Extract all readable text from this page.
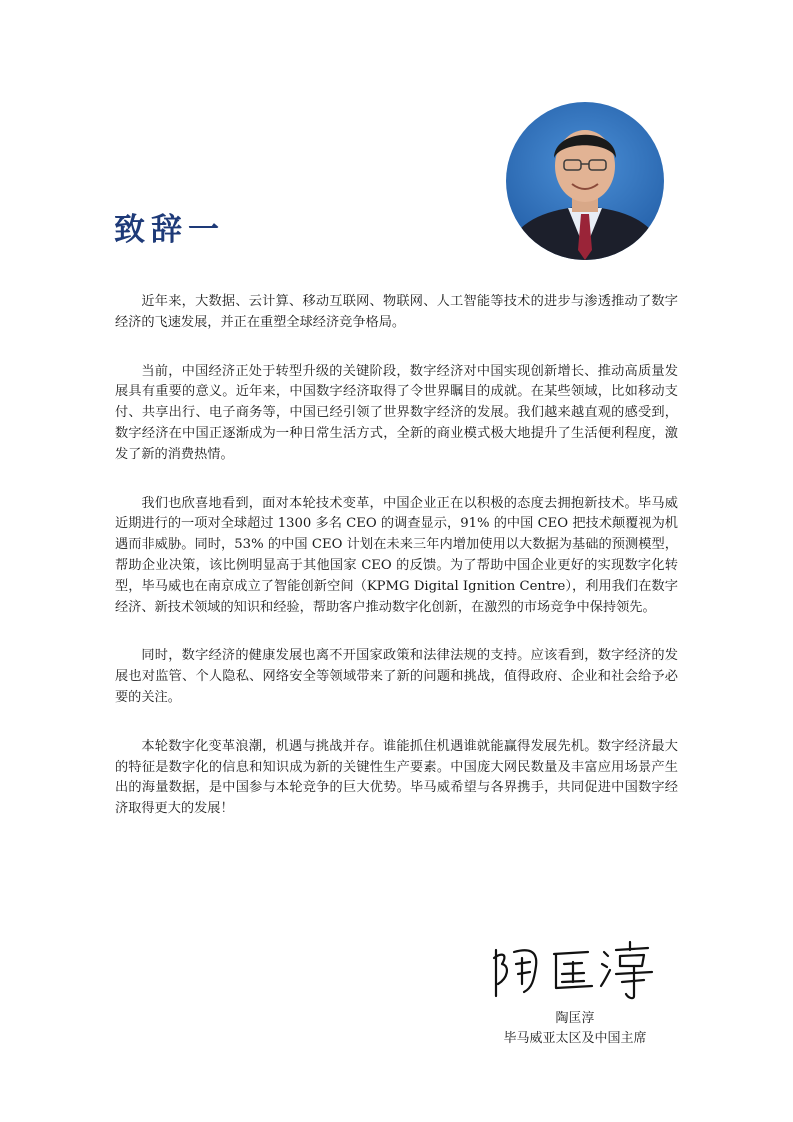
致辞一

近年来，大数据、云计算、移动互联网、物联网、人工智能等技术的进步与渗透推动了数字经济的飞速发展，并正在重塑全球经济竞争格局。

当前，中国经济正处于转型升级的关键阶段，数字经济对中国实现创新增长、推动高质量发展具有重要的意义。近年来，中国数字经济取得了令世界瞩目的成就。在某些领域，比如移动支付、共享出行、电子商务等，中国已经引领了世界数字经济的发展。我们越来越直观的感受到，数字经济在中国正逐渐成为一种日常生活方式，全新的商业模式极大地提升了生活便利程度，激发了新的消费热情。

我们也欣喜地看到，面对本轮技术变革，中国企业正在以积极的态度去拥抱新技术。毕马威近期进行的一项对全球超过 1300 多名 CEO 的调查显示，91% 的中国 CEO 把技术颠覆视为机遇而非威胁。同时，53% 的中国 CEO 计划在未来三年内增加使用以大数据为基础的预测模型，帮助企业决策，该比例明显高于其他国家 CEO 的反馈。为了帮助中国企业更好的实现数字化转型，毕马威也在南京成立了智能创新空间（KPMG Digital Ignition Centre），利用我们在数字经济、新技术领域的知识和经验，帮助客户推动数字化创新，在激烈的市场竞争中保持领先。

同时，数字经济的健康发展也离不开国家政策和法律法规的支持。应该看到，数字经济的发展也对监管、个人隐私、网络安全等领域带来了新的问题和挑战，值得政府、企业和社会给予必要的关注。

本轮数字化变革浪潮，机遇与挑战并存。谁能抓住机遇谁就能赢得发展先机。数字经济最大的特征是数字化的信息和知识成为新的关键性生产要素。中国庞大网民数量及丰富应用场景产生出的海量数据，是中国参与本轮竞争的巨大优势。毕马威希望与各界携手，共同促进中国数字经济取得更大的发展！

陶匡淳
毕马威亚太区及中国主席
